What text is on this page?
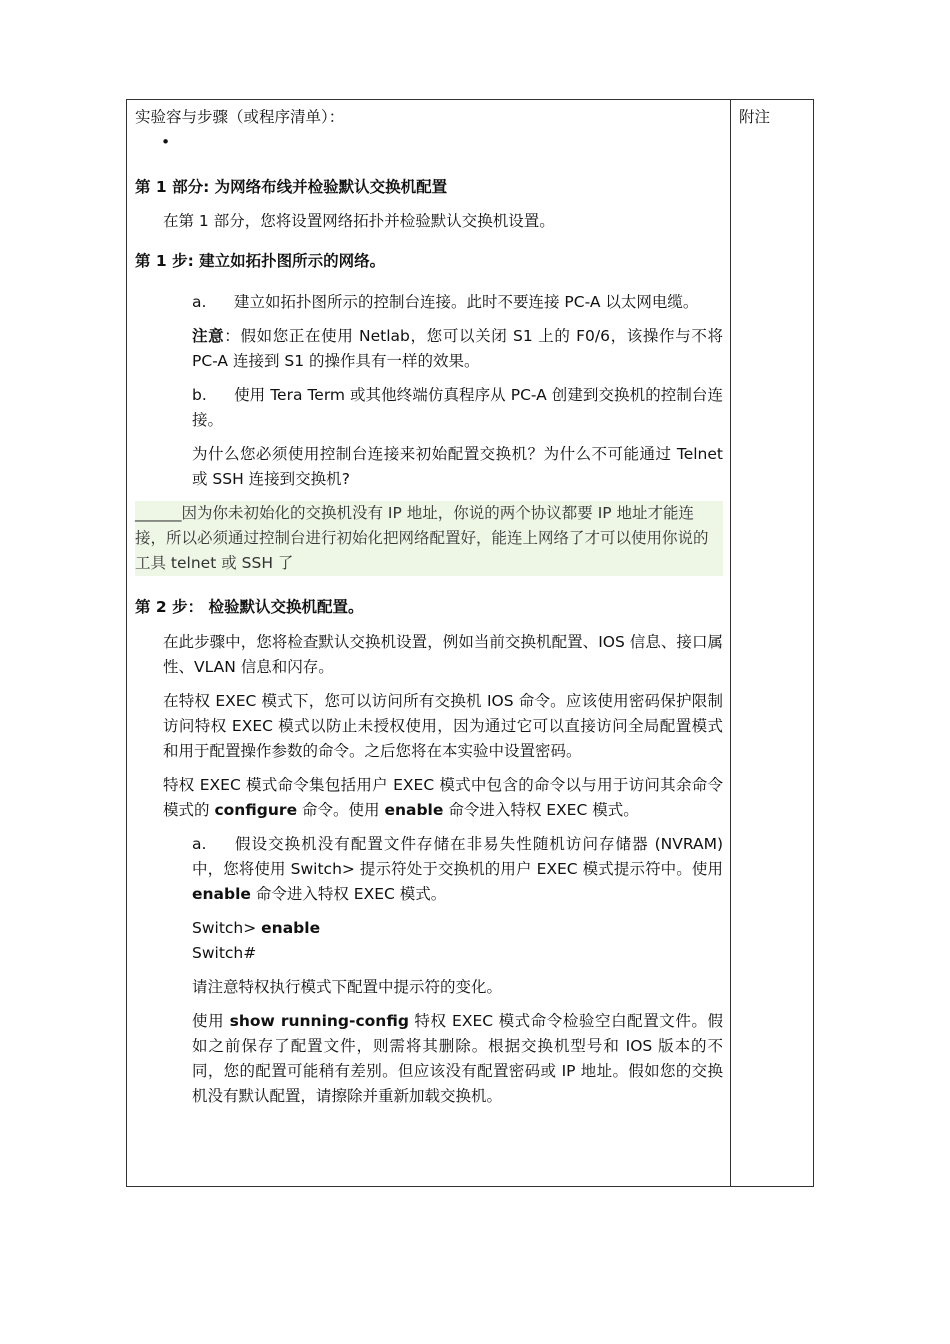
实验容与步骤（或程序清单）：

•

第 1 部分: 为网络布线并检验默认交换机配置

在第 1 部分，您将设置网络拓扑并检验默认交换机设置。

第 1 步: 建立如拓扑图所示的网络。

a. 建立如拓扑图所示的控制台连接。此时不要连接 PC-A 以太网电缆。

注意：假如您正在使用 Netlab，您可以关闭 S1 上的 F0/6，该操作与不将 PC-A 连接到 S1 的操作具有一样的效果。

b. 使用 Tera Term 或其他终端仿真程序从 PC-A 创建到交换机的控制台连接。

为什么您必须使用控制台连接来初始配置交换机？为什么不可能通过 Telnet 或 SSH 连接到交换机?

______因为你未初始化的交换机没有 IP 地址，你说的两个协议都要 IP 地址才能连接，所以必须通过控制台进行初始化把网络配置好，能连上网络了才可以使用你说的工具 telnet 或 SSH 了

第 2 步： 检验默认交换机配置。

在此步骤中，您将检查默认交换机设置，例如当前交换机配置、IOS 信息、接口属性、VLAN 信息和闪存。

在特权 EXEC 模式下，您可以访问所有交换机 IOS 命令。应该使用密码保护限制访问特权 EXEC 模式以防止未授权使用，因为通过它可以直接访问全局配置模式和用于配置操作参数的命令。之后您将在本实验中设置密码。

特权 EXEC 模式命令集包括用户 EXEC 模式中包含的命令以与用于访问其余命令模式的 configure 命令。使用 enable 命令进入特权 EXEC 模式。

a. 假设交换机没有配置文件存储在非易失性随机访问存储器 (NVRAM) 中，您将使用 Switch> 提示符处于交换机的用户 EXEC 模式提示符中。使用 enable 命令进入特权 EXEC 模式。

Switch> enable

Switch#

请注意特权执行模式下配置中提示符的变化。

使用 show running-config 特权 EXEC 模式命令检验空白配置文件。假如之前保存了配置文件，则需将其删除。根据交换机型号和 IOS 版本的不同，您的配置可能稍有差别。但应该没有配置密码或 IP 地址。假如您的交换机没有默认配置，请擦除并重新加载交换机。

附注
